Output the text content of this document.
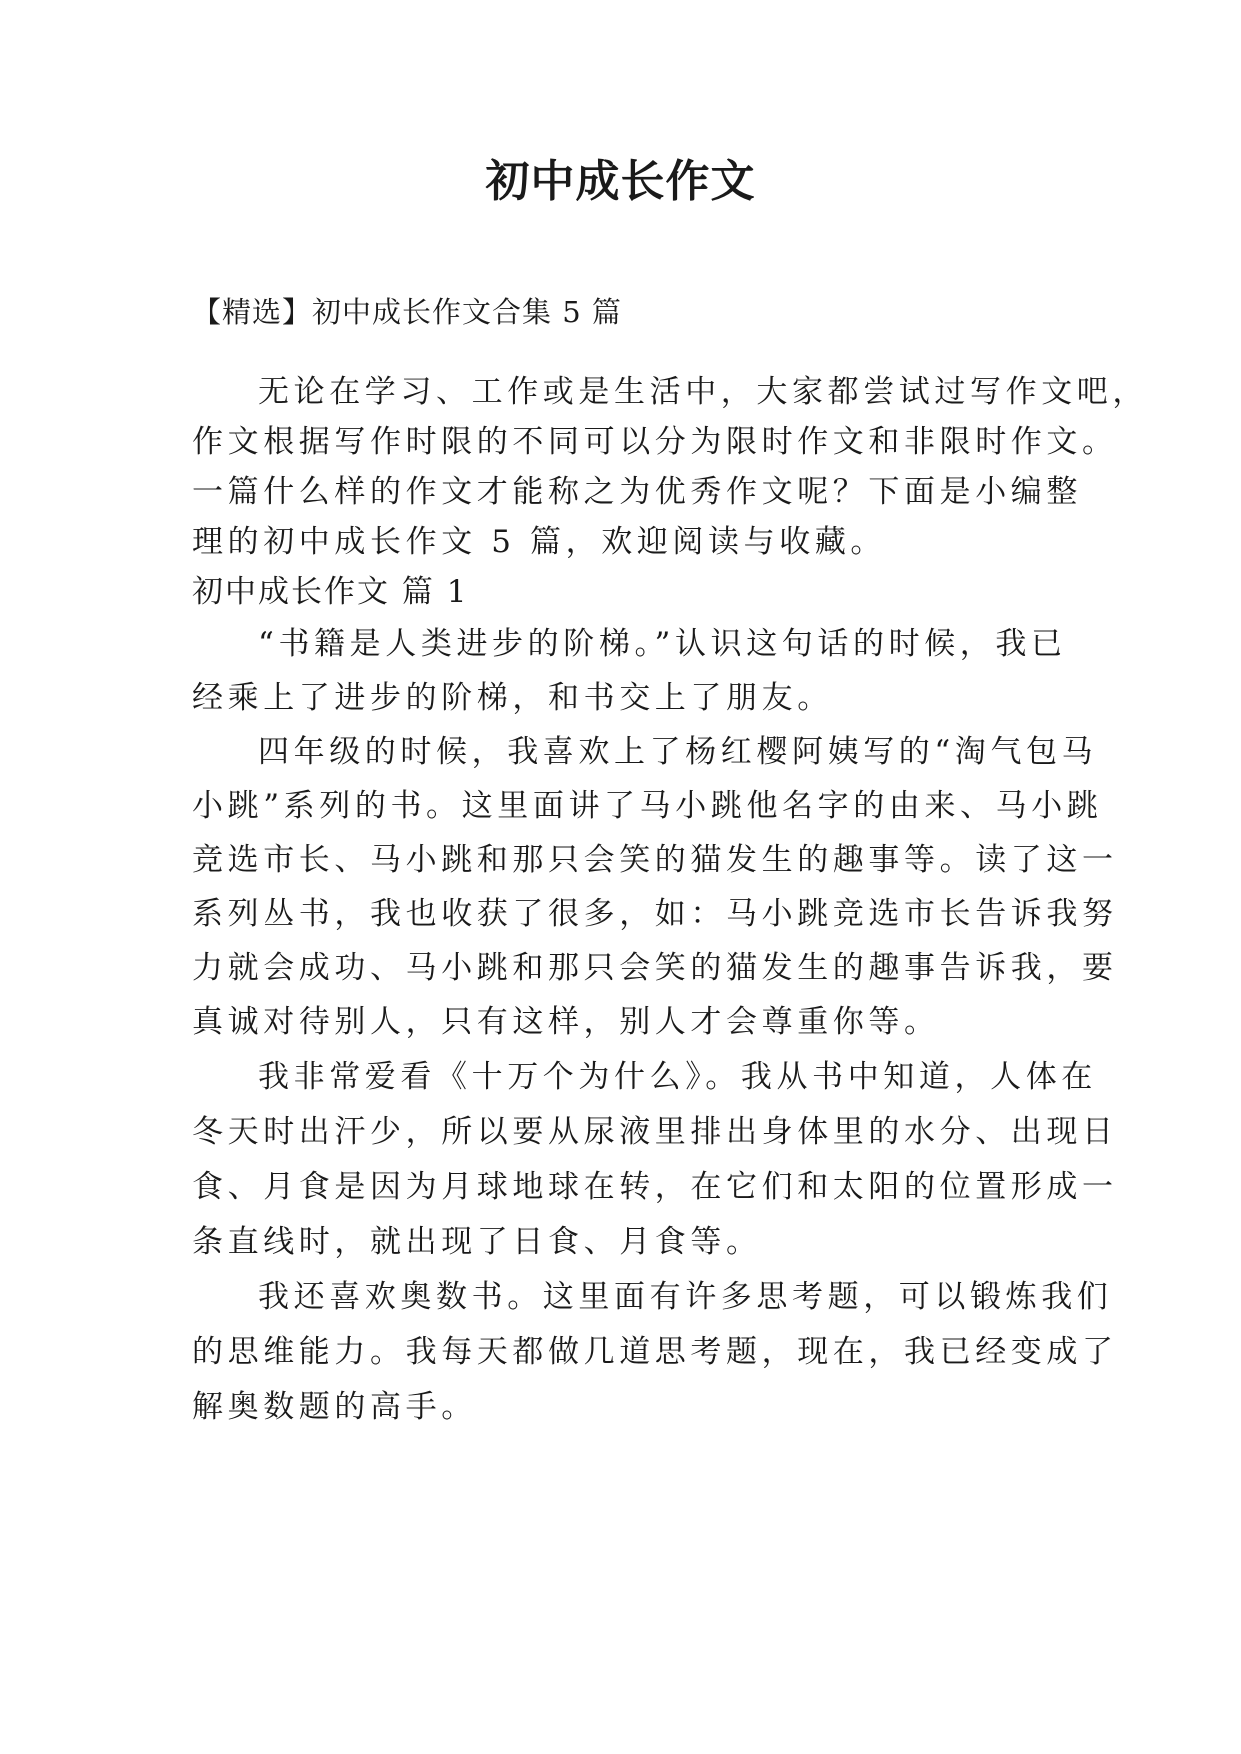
初中成长作文
【精选】初中成长作文合集 5 篇
无论在学习、工作或是生活中，大家都尝试过写作文吧，
作文根据写作时限的不同可以分为限时作文和非限时作文。
一篇什么样的作文才能称之为优秀作文呢？下面是小编整
理的初中成长作文 5 篇，欢迎阅读与收藏。
初中成长作文 篇 1
“书籍是人类进步的阶梯。”认识这句话的时候，我已
经乘上了进步的阶梯，和书交上了朋友。
四年级的时候，我喜欢上了杨红樱阿姨写的“淘气包马
小跳”系列的书。这里面讲了马小跳他名字的由来、马小跳
竞选市长、马小跳和那只会笑的猫发生的趣事等。读了这一
系列丛书，我也收获了很多，如：马小跳竞选市长告诉我努
力就会成功、马小跳和那只会笑的猫发生的趣事告诉我，要
真诚对待别人，只有这样，别人才会尊重你等。
我非常爱看《十万个为什么》。我从书中知道，人体在
冬天时出汗少，所以要从尿液里排出身体里的水分、出现日
食、月食是因为月球地球在转，在它们和太阳的位置形成一
条直线时，就出现了日食、月食等。
我还喜欢奥数书。这里面有许多思考题，可以锻炼我们
的思维能力。我每天都做几道思考题，现在，我已经变成了
解奥数题的高手。
